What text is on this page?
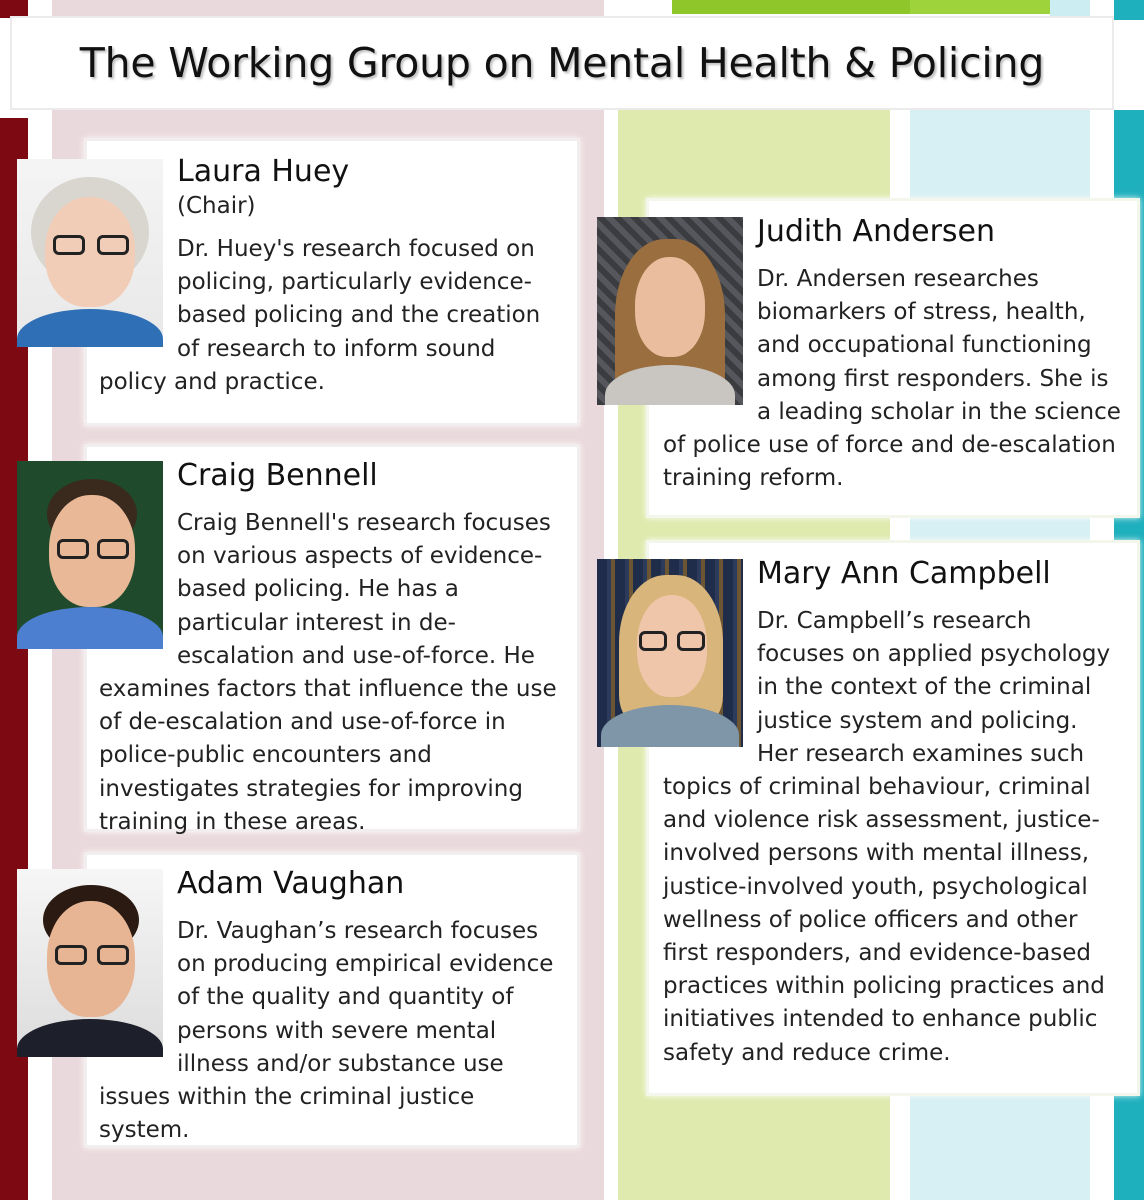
The Working Group on Mental Health & Policing

Laura Huey

(Chair)
Dr. Huey's research focused on policing, particularly evidence-based policing and the creation of research to inform sound policy and practice.

Craig Bennell

Craig Bennell's research focuses on various aspects of evidence-based policing. He has a particular interest in de-escalation and use-of-force. He examines factors that influence the use of de-escalation and use-of-force in police-public encounters and investigates strategies for improving training in these areas.

Adam Vaughan

Dr. Vaughan’s research focuses on producing empirical evidence of the quality and quantity of persons with severe mental illness and/or substance use issues within the criminal justice system.

Judith Andersen

Dr. Andersen researches biomarkers of stress, health, and occupational functioning among first responders. She is a leading scholar in the science of police use of force and de-escalation training reform.

Mary Ann Campbell

Dr. Campbell’s research focuses on applied psychology in the context of the criminal justice system and policing. Her research examines such topics of criminal behaviour, criminal and violence risk assessment, justice-involved persons with mental illness, justice-involved youth, psychological wellness of police officers and other first responders, and evidence-based practices within policing practices and initiatives intended to enhance public safety and reduce crime.
